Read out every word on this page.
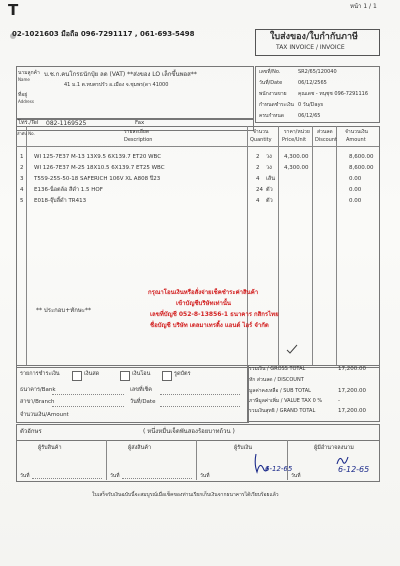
T	หน้า 1 / 1
02-1021603 มือถือ 096-7291117 , 061-693-5498	ใบส่งของ/ใบกำกับภาษี
TAX INVOICE / INVOICE
นามลูกค้า
Name
บ.ช.ก.คนโกรธนักปุ๋ย ลด (VAT) **ส่งของ LO เล็กขึ้นพอส**
41 ม.1 ต.ทบตรปรัว อ.เมือง จ.ชุมพร(ดา 41000
ที่อยู่
Address
โทร./Tel 082-1169525	Fax
เลขที่/No.	SR2/65/120040
วันที่/Date	06/12/2565
พนักงานขาย คุณเดช - ทนุชุช 096-7291116
กำหนดชำระเงิน 0 วัน/Days
ครบกำหนด	06/12/65
ลำดับ No.	รายละเอียด
Description
จำนวน
Quantity
ราคา/หน่วย
Price/Unit
ส่วนลด
Discount
จำนวนเงิน
Amount
1 WI 125-7E37 M-13 13X9.5 6X139.7 ET20 WBC	2 วง 4,300.00	8,600.00
2 WI 126-7E37 M-25 18X10.5 6X139.7 ET25 WBC	2 วง 4,300.00	8,600.00
3 T559-255-50-18 SAFERICH 106V XL A808 ปี23	4 เส้น	0.00
4 E136-น็อตล้อ สีดำ 1.5 HOF	24 ตัว	0.00
5 E018-จุ๊บลี้ดำ TR413	4 ตัว	0.00
** ประกอบ+ทักษะ**
กรุณาโอนเงินหรือสั่งจ่ายเช็คชำระค่าสินค้า
เข้าบัญชีบริษัทเท่านั้น
เลขที่บัญชี 052-8-13856-1 ธนาคาร กสิกรไทย
ชื่อบัญชี บริษัท เดลมาเทรดิ้ง แอนด์ ไอร์ จำกัด
รวมเงิน / GROSS TOTAL	17,200.00
หัก ส่วนลด / DISCOUNT
มูลค่าคงเหลือ / SUB TOTAL	17,200.00
ภาษีมูลค่าเพิ่ม / VALUE TAX 0 %	-
รวมเงินสุทธิ / GRAND TOTAL	17,200.00
รายการชำระเงิน	เงินสด	เงินโอน	รูดบัตร
ธนาคาร/Bank	เลขที่เช็ค
สาขา/Branch	วันที่/Date
จำนวนเงิน/Amount
ตัวอักษร	( หนึ่งหมื่นเจ็ดพันสองร้อยบาทถ้วน )
ผู้รับสินค้า	ผู้ส่งสินค้า	ผู้รับเงิน	ผู้มีอำนาจลงนาม
วันที่	วันที่	วันที่	วันที่
6-12-65	6-12-65
ใบเสร็จรับเงินฉบับนี้จะสมบูรณ์เมื่อเช็คของท่านเรียกเก็บเงินจากธนาคารได้เรียบร้อยแล้ว
